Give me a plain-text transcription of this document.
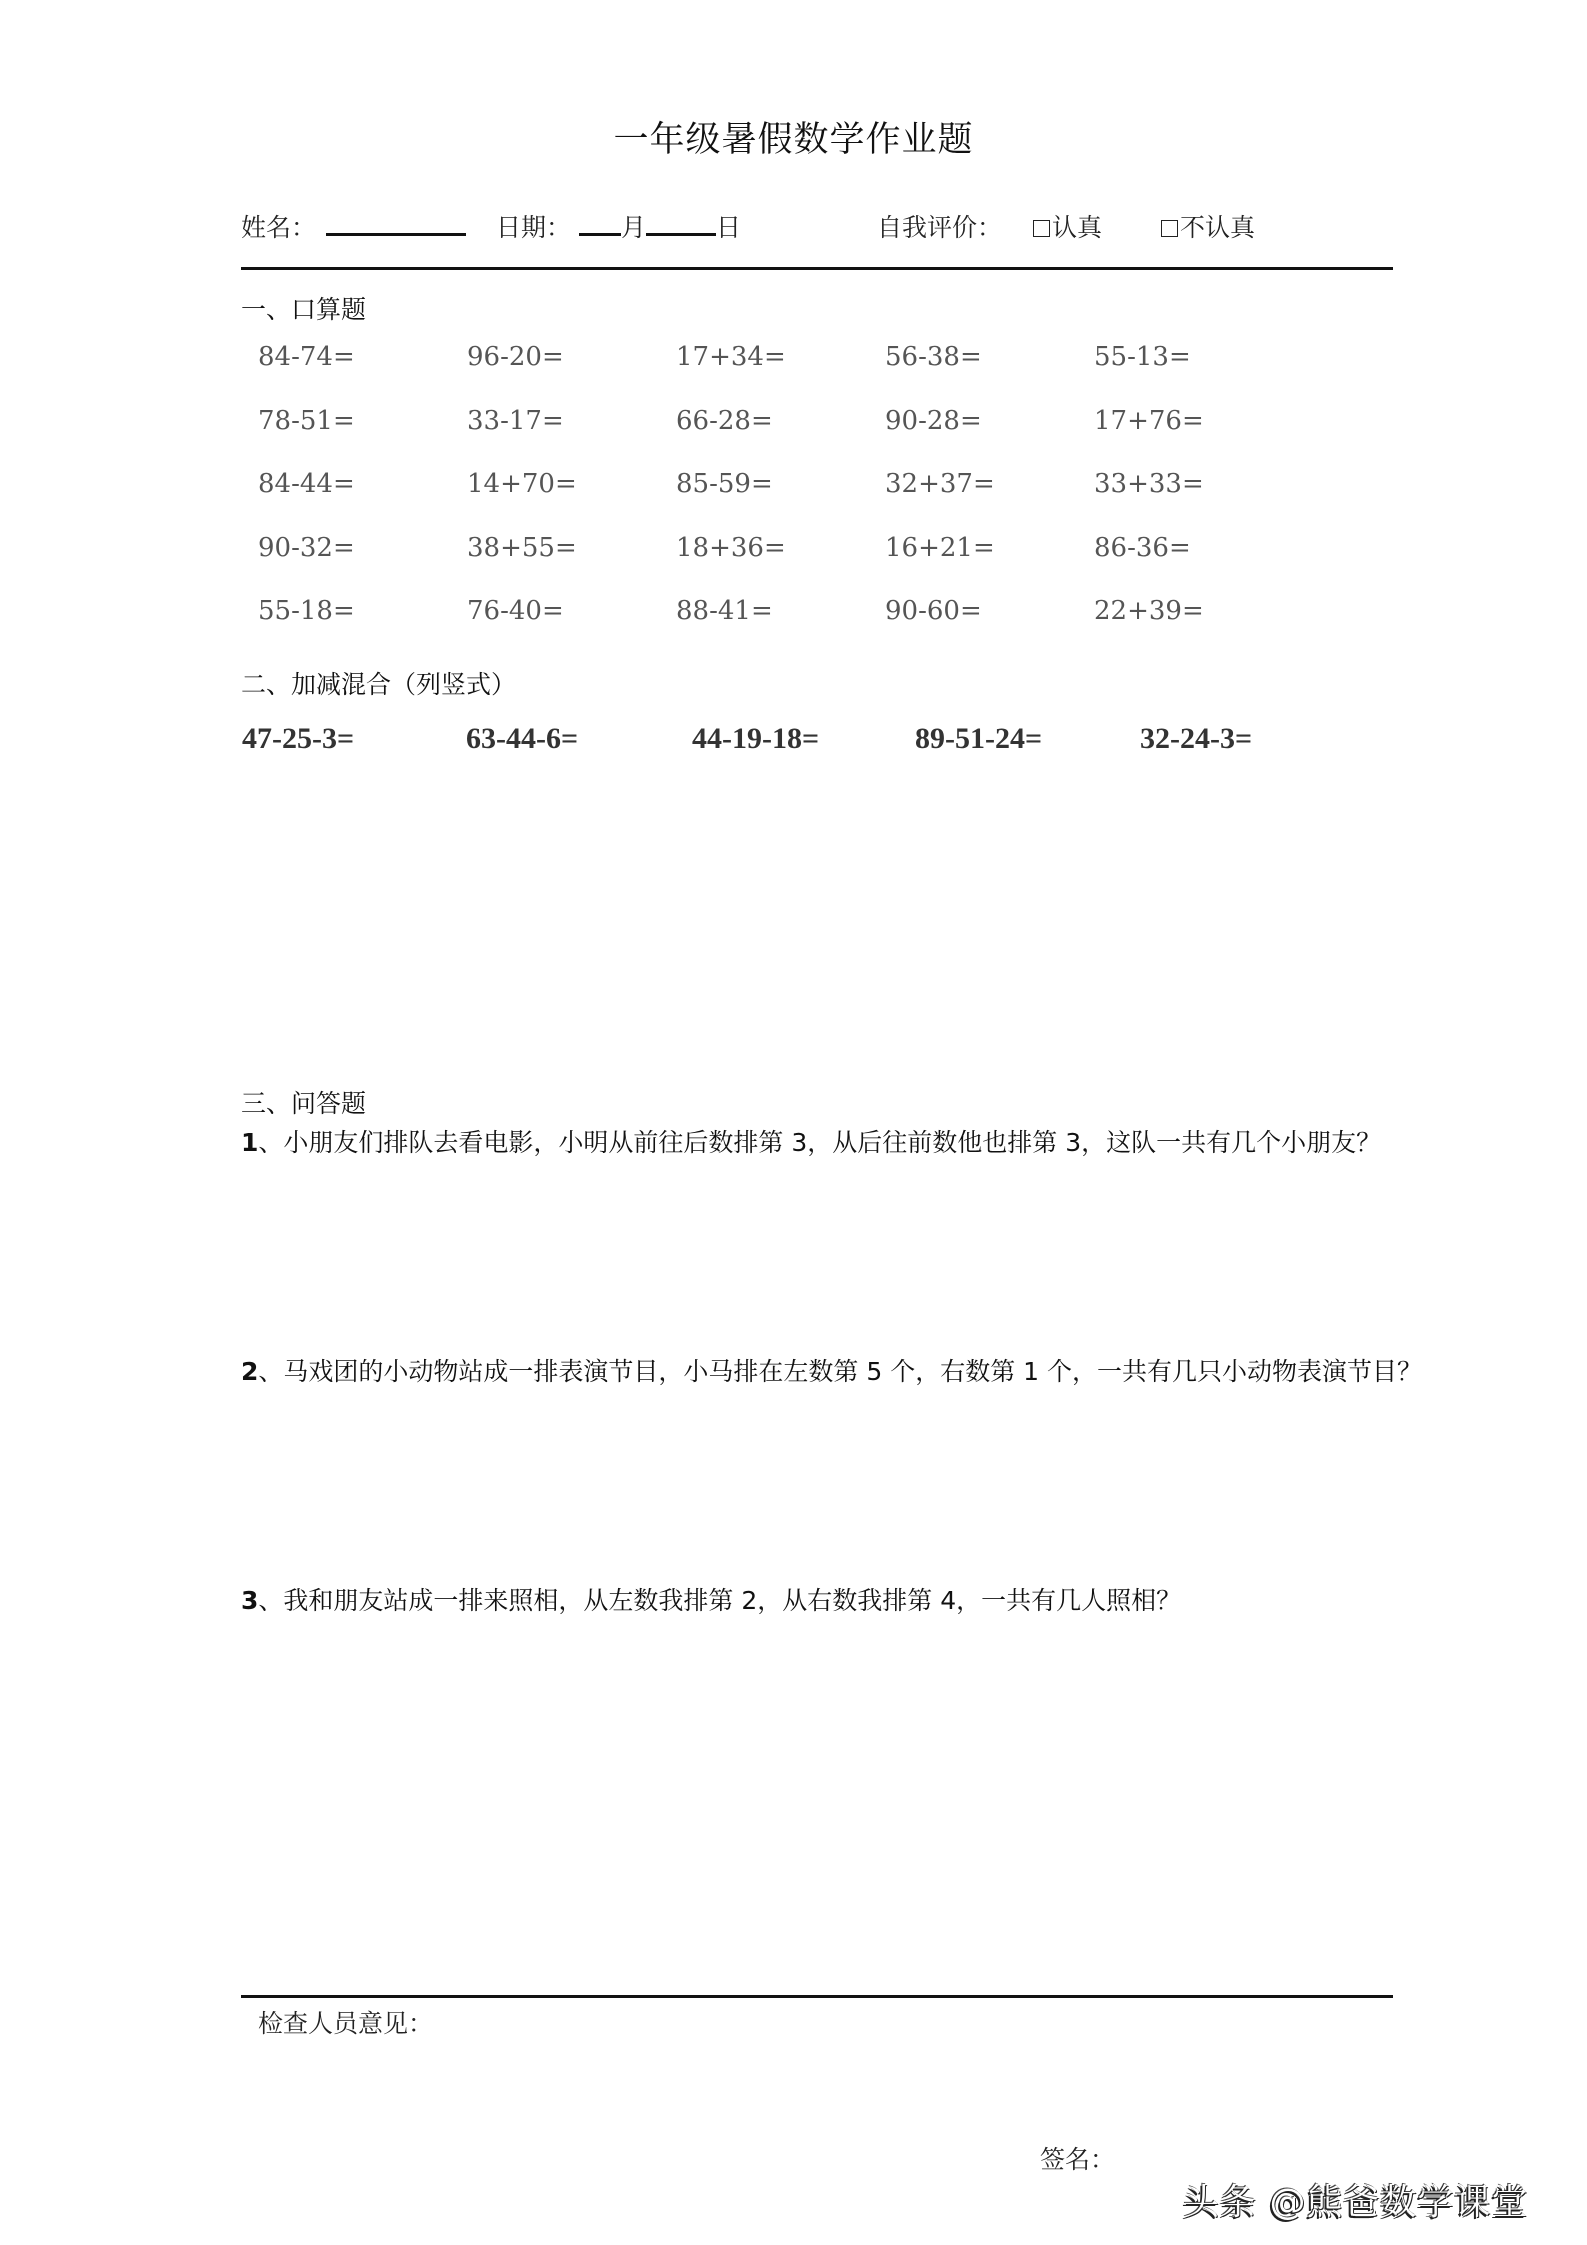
一年级暑假数学作业题
姓名：	日期： 月	日	自我评价：	认真	不认真
一、口算题
84-74=	96-20=	17+34=	56-38=	55-13=
78-51=	33-17=	66-28=	90-28=	17+76=
84-44=	14+70=	85-59=	32+37=	33+33=
90-32=	38+55=	18+36=	16+21=	86-36=
55-18=	76-40=	88-41=	90-60=	22+39=
二、加减混合（列竖式）
47-25-3=	63-44-6=	44-19-18=	89-51-24=	32-24-3=
三、问答题
1、小朋友们排队去看电影，小明从前往后数排第 3，从后往前数他也排第 3，这队一共有几个小朋友？
2、马戏团的小动物站成一排表演节目，小马排在左数第 5 个，右数第 1 个，一共有几只小动物表演节目？
3、我和朋友站成一排来照相，从左数我排第 2，从右数我排第 4，一共有几人照相？
检查人员意见：
签名：
头条 @熊爸数学课堂
